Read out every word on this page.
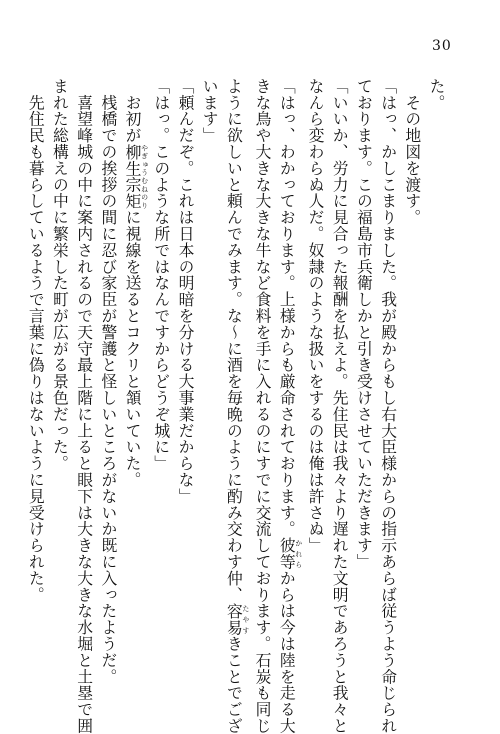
30

た。

　その地図を渡す。

「はっ、かしこまりました。我が殿からもし右大臣様からの指示あらば従うよう命じられ

ております。この福島市兵衛しかと引き受けさせていただきます」

「いいか、労力に見合った報酬を払えよ。先住民は我々より遅れた文明であろうと我々と

なんら変わらぬ人だ。奴隷のような扱いをするのは俺は許さぬ」

「はっ、わかっております。上様からも厳命されております。彼等かれらからは今は陸を走る大

きな鳥や大きな大きな牛など食料を手に入れるのにすでに交流しております。石炭も同じ

ように欲しいと頼んでみます。な～に酒を毎晩のように酌み交わす仲、容易たやすきことでござ

います」

「頼んだぞ。これは日本の明暗を分ける大事業だからな」

「はっ。このような所ではなんですからどうぞ城に」

　お初が柳生宗矩やぎゅうむねのりに視線を送るとコクリと頷いていた。

　桟橋での挨拶の間に忍び家臣が警護と怪しいところがないか既に入ったようだ。

　喜望峰城の中に案内されるので天守最上階に上ると眼下は大きな大きな水堀と土塁で囲

まれた総構えの中に繁栄した町が広がる景色だった。

　先住民も暮らしているようで言葉に偽りはないように見受けられた。
